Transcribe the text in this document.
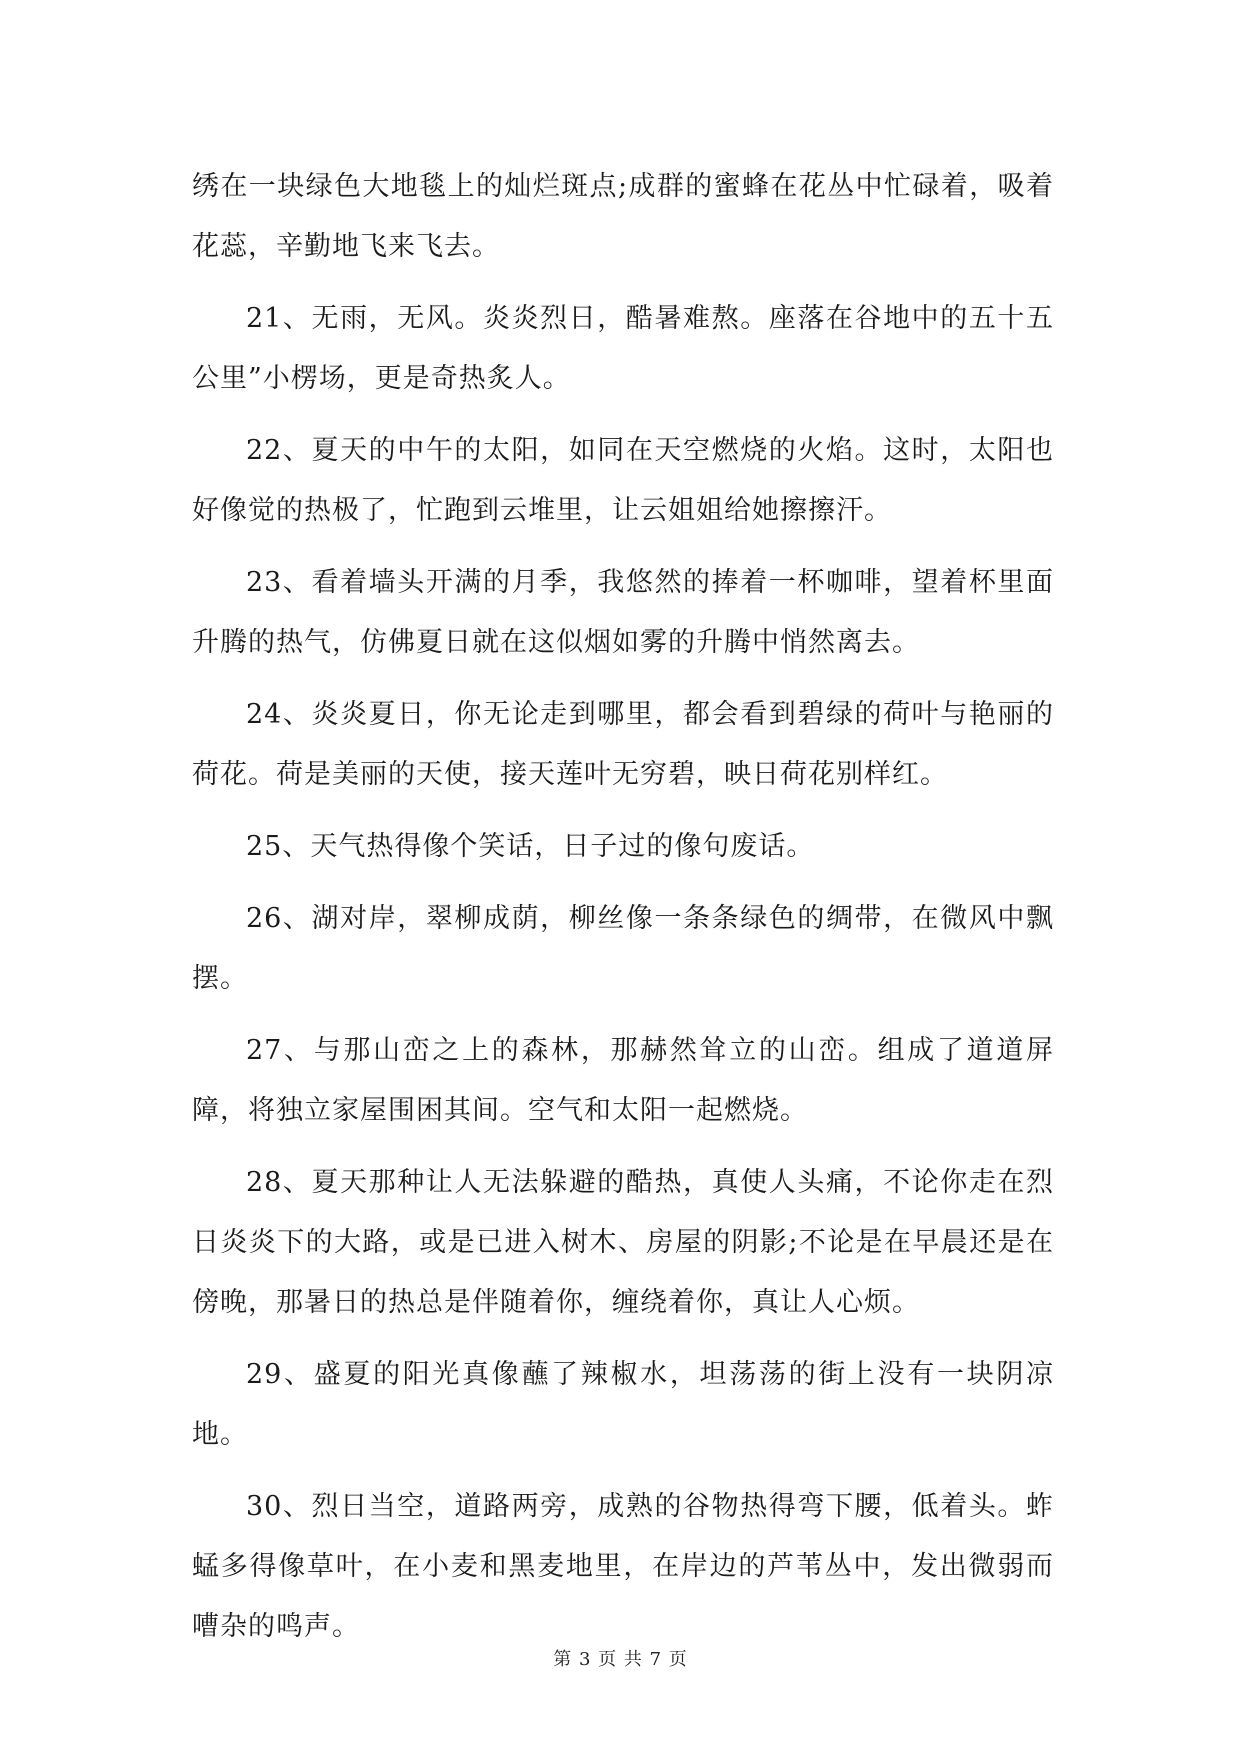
绣在一块绿色大地毯上的灿烂斑点;成群的蜜蜂在花丛中忙碌着，吸着花蕊，辛勤地飞来飞去。

21、无雨，无风。炎炎烈日，酷暑难熬。座落在谷地中的五十五公里”小楞场，更是奇热炙人。

22、夏天的中午的太阳，如同在天空燃烧的火焰。这时，太阳也好像觉的热极了，忙跑到云堆里，让云姐姐给她擦擦汗。

23、看着墙头开满的月季，我悠然的捧着一杯咖啡，望着杯里面升腾的热气，仿佛夏日就在这似烟如雾的升腾中悄然离去。

24、炎炎夏日，你无论走到哪里，都会看到碧绿的荷叶与艳丽的荷花。荷是美丽的天使，接天莲叶无穷碧，映日荷花别样红。

25、天气热得像个笑话，日子过的像句废话。

26、湖对岸，翠柳成荫，柳丝像一条条绿色的绸带，在微风中飘摆。

27、与那山峦之上的森林，那赫然耸立的山峦。组成了道道屏障，将独立家屋围困其间。空气和太阳一起燃烧。

28、夏天那种让人无法躲避的酷热，真使人头痛，不论你走在烈日炎炎下的大路，或是已进入树木、房屋的阴影;不论是在早晨还是在傍晚，那暑日的热总是伴随着你，缠绕着你，真让人心烦。

29、盛夏的阳光真像蘸了辣椒水，坦荡荡的街上没有一块阴凉地。

30、烈日当空，道路两旁，成熟的谷物热得弯下腰，低着头。蚱蜢多得像草叶，在小麦和黑麦地里，在岸边的芦苇丛中，发出微弱而嘈杂的鸣声。

第 3 页 共 7 页
